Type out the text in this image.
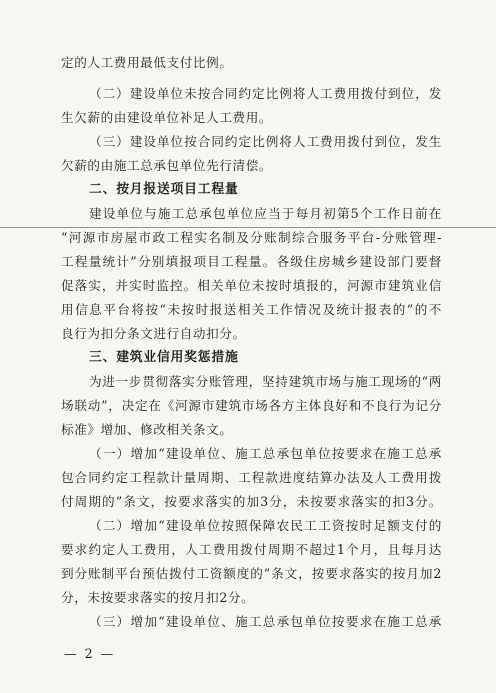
定的人工费用最低支付比例。
（二）建设单位未按合同约定比例将人工费用拨付到位，发
生欠薪的由建设单位补足人工费用。
（三）建设单位按合同约定比例将人工费用拨付到位，发生
欠薪的由施工总承包单位先行清偿。
二、按月报送项目工程量
建设单位与施工总承包单位应当于每月初第5个工作日前在
“河源市房屋市政工程实名制及分账制综合服务平台-分账管理-
工程量统计”分别填报项目工程量。各级住房城乡建设部门要督
促落实，并实时监控。相关单位未按时填报的，河源市建筑业信
用信息平台将按“未按时报送相关工作情况及统计报表的”的不
良行为扣分条文进行自动扣分。
三、建筑业信用奖惩措施
为进一步贯彻落实分账管理，坚持建筑市场与施工现场的“两
场联动”，决定在《河源市建筑市场各方主体良好和不良行为记分
标准》增加、修改相关条文。
（一）增加“建设单位、施工总承包单位按要求在施工总承
包合同约定工程款计量周期、工程款进度结算办法及人工费用拨
付周期的”条文，按要求落实的加3分，未按要求落实的扣3分。
（二）增加“建设单位按照保障农民工工资按时足额支付的
要求约定人工费用，人工费用拨付周期不超过1个月，且每月达
到分账制平台预估拨付工资额度的”条文，按要求落实的按月加2
分，未按要求落实的按月扣2分。
（三）增加“建设单位、施工总承包单位按要求在施工总承
— 2 —
